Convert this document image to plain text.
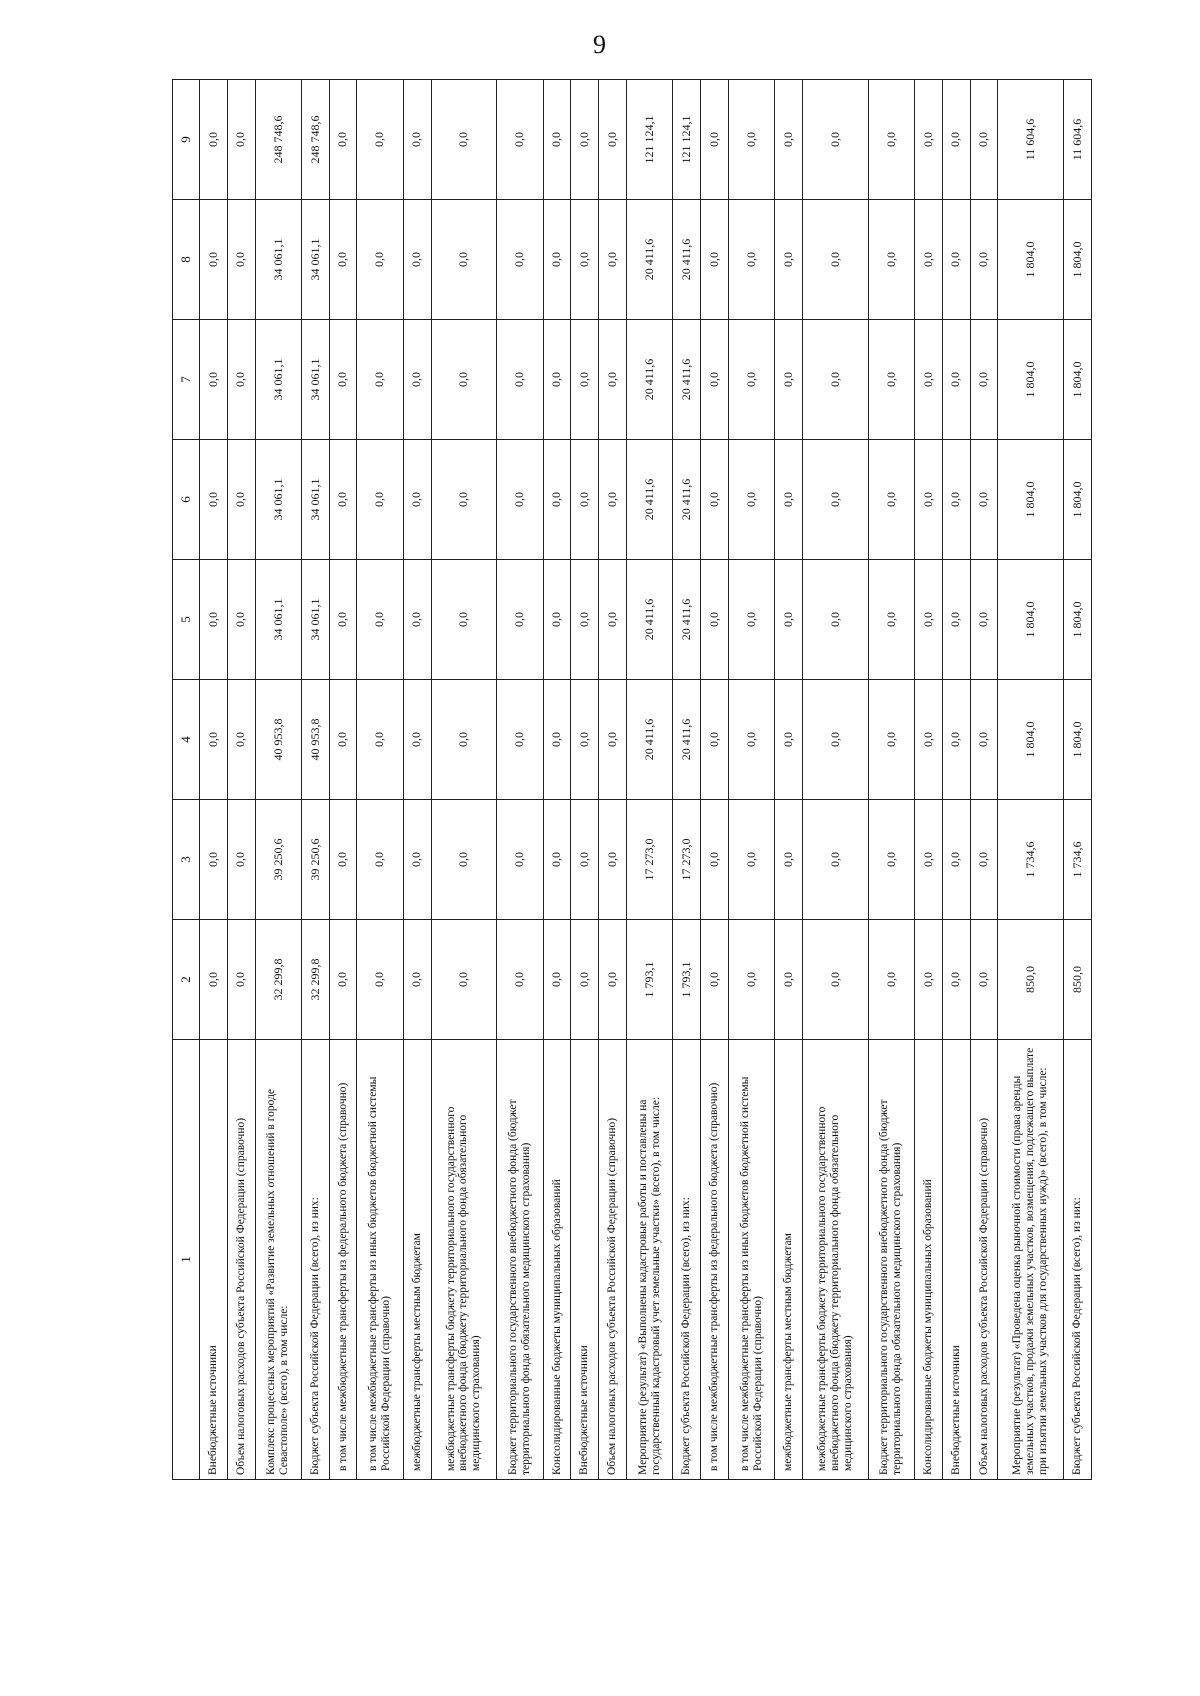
9
1	2	3	4	5	6	7	8	9
Внебюджетные источники	0,0	0,0	0,0	0,0	0,0	0,0	0,0	0,0
Объем налоговых расходов субъекта Российской Федерации (справочно)	0,0	0,0	0,0	0,0	0,0	0,0	0,0	0,0
Комплекс процессных мероприятий «Развитие земельных отношений в городе Севастополе» (всего), в том числе:	32 299,8	39 250,6	40 953,8	34 061,1	34 061,1	34 061,1	34 061,1	248 748,6
Бюджет субъекта Российской Федерации (всего), из них:	32 299,8	39 250,6	40 953,8	34 061,1	34 061,1	34 061,1	34 061,1	248 748,6
в том числе межбюджетные трансферты из федерального бюджета (справочно)	0,0	0,0	0,0	0,0	0,0	0,0	0,0	0,0
в том числе межбюджетные трансферты из иных бюджетов бюджетной системы Российской Федерации (справочно)	0,0	0,0	0,0	0,0	0,0	0,0	0,0	0,0
межбюджетные трансферты местным бюджетам	0,0	0,0	0,0	0,0	0,0	0,0	0,0	0,0
межбюджетные трансферты бюджету территориального государственного внебюджетного фонда (бюджету территориального фонда обязательного медицинского страхования)	0,0	0,0	0,0	0,0	0,0	0,0	0,0	0,0
Бюджет территориального государственного внебюджетного фонда (бюджет территориального фонда обязательного медицинского страхования)	0,0	0,0	0,0	0,0	0,0	0,0	0,0	0,0
Консолидированные бюджеты муниципальных образований	0,0	0,0	0,0	0,0	0,0	0,0	0,0	0,0
Внебюджетные источники	0,0	0,0	0,0	0,0	0,0	0,0	0,0	0,0
Объем налоговых расходов субъекта Российской Федерации (справочно)	0,0	0,0	0,0	0,0	0,0	0,0	0,0	0,0
Мероприятие (результат) «Выполнены кадастровые работы и поставлены на государственный кадастровый учет земельные участки» (всего), в том числе:	1 793,1	17 273,0	20 411,6	20 411,6	20 411,6	20 411,6	20 411,6	121 124,1
Бюджет субъекта Российской Федерации (всего), из них:	1 793,1	17 273,0	20 411,6	20 411,6	20 411,6	20 411,6	20 411,6	121 124,1
в том числе межбюджетные трансферты из федерального бюджета (справочно)	0,0	0,0	0,0	0,0	0,0	0,0	0,0	0,0
в том числе межбюджетные трансферты из иных бюджетов бюджетной системы Российской Федерации (справочно)	0,0	0,0	0,0	0,0	0,0	0,0	0,0	0,0
межбюджетные трансферты местным бюджетам	0,0	0,0	0,0	0,0	0,0	0,0	0,0	0,0
межбюджетные трансферты бюджету территориального государственного внебюджетного фонда (бюджету территориального фонда обязательного медицинского страхования)	0,0	0,0	0,0	0,0	0,0	0,0	0,0	0,0
Бюджет территориального государственного внебюджетного фонда (бюджет территориального фонда обязательного медицинского страхования)	0,0	0,0	0,0	0,0	0,0	0,0	0,0	0,0
Консолидированные бюджеты муниципальных образований	0,0	0,0	0,0	0,0	0,0	0,0	0,0	0,0
Внебюджетные источники	0,0	0,0	0,0	0,0	0,0	0,0	0,0	0,0
Объем налоговых расходов субъекта Российской Федерации (справочно)	0,0	0,0	0,0	0,0	0,0	0,0	0,0	0,0
Мероприятие (результат) «Проведена оценка рыночной стоимости (права аренды земельных участков, продажи земельных участков, возмещения, подлежащего выплате при изъятии земельных участков для государственных нужд)» (всего), в том числе:	850,0	1 734,6	1 804,0	1 804,0	1 804,0	1 804,0	1 804,0	11 604,6
Бюджет субъекта Российской Федерации (всего), из них:	850,0	1 734,6	1 804,0	1 804,0	1 804,0	1 804,0	1 804,0	11 604,6
